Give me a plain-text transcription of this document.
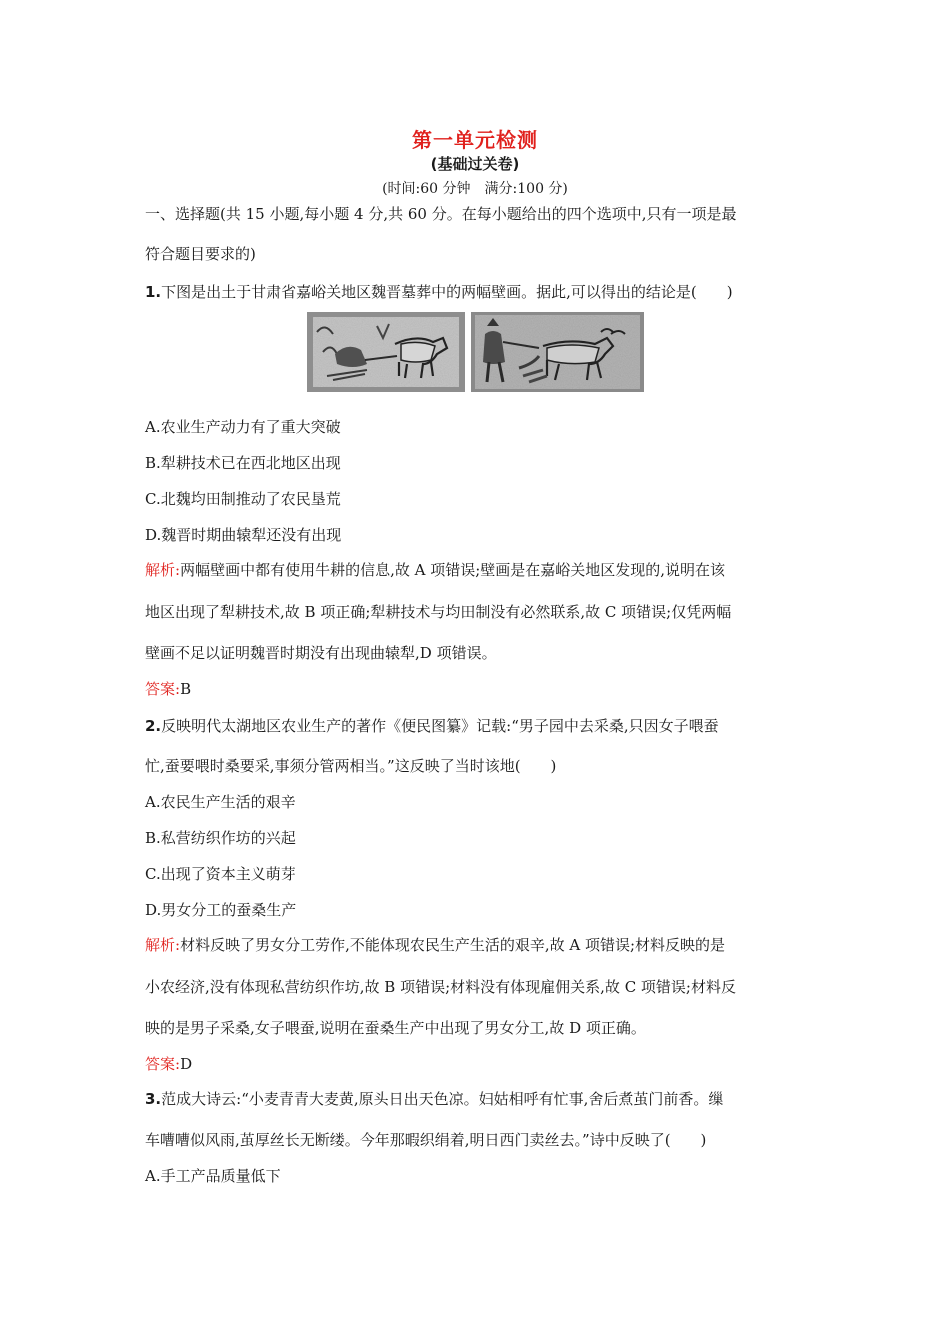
第一单元检测
(基础过关卷)
(时间:60 分钟　满分:100 分)
一、选择题(共 15 小题,每小题 4 分,共 60 分。在每小题给出的四个选项中,只有一项是最
符合题目要求的)
1.下图是出土于甘肃省嘉峪关地区魏晋墓葬中的两幅壁画。据此,可以得出的结论是(　　)
A.农业生产动力有了重大突破
B.犁耕技术已在西北地区出现
C.北魏均田制推动了农民垦荒
D.魏晋时期曲辕犁还没有出现
解析:两幅壁画中都有使用牛耕的信息,故 A 项错误;壁画是在嘉峪关地区发现的,说明在该
地区出现了犁耕技术,故 B 项正确;犁耕技术与均田制没有必然联系,故 C 项错误;仅凭两幅
壁画不足以证明魏晋时期没有出现曲辕犁,D 项错误。
答案:B
2.反映明代太湖地区农业生产的著作《便民图纂》记载:“男子园中去采桑,只因女子喂蚕
忙,蚕要喂时桑要采,事须分管两相当。”这反映了当时该地(　　)
A.农民生产生活的艰辛
B.私营纺织作坊的兴起
C.出现了资本主义萌芽
D.男女分工的蚕桑生产
解析:材料反映了男女分工劳作,不能体现农民生产生活的艰辛,故 A 项错误;材料反映的是
小农经济,没有体现私营纺织作坊,故 B 项错误;材料没有体现雇佣关系,故 C 项错误;材料反
映的是男子采桑,女子喂蚕,说明在蚕桑生产中出现了男女分工,故 D 项正确。
答案:D
3.范成大诗云:“小麦青青大麦黄,原头日出天色凉。妇姑相呼有忙事,舍后煮茧门前香。缫
车嘈嘈似风雨,茧厚丝长无断缕。今年那暇织绢着,明日西门卖丝去。”诗中反映了(　　)
A.手工产品质量低下
